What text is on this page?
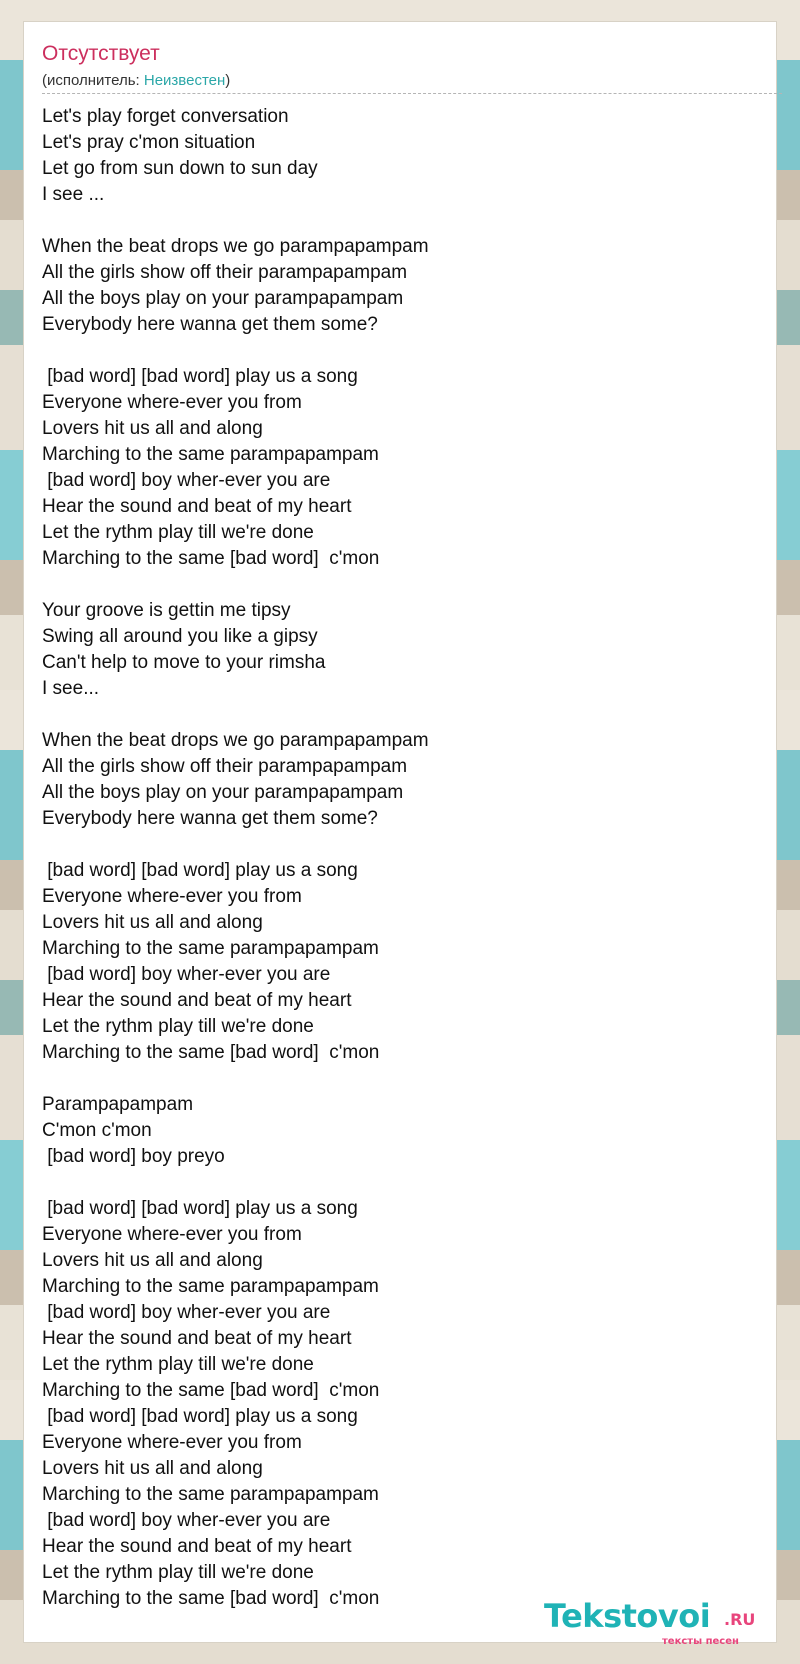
Отсутствует
(исполнитель: Неизвестен)
Let's play forget conversation
Let's pray c'mon situation
Let go from sun down to sun day
I see ...

When the beat drops we go parampapampam
All the girls show off their parampapampam
All the boys play on your parampapampam
Everybody here wanna get them some?

[bad word] [bad word] play us a song
Everyone where-ever you from
Lovers hit us all and along
Marching to the same parampapampam
[bad word] boy wher-ever you are
Hear the sound and beat of my heart
Let the rythm play till we're done
Marching to the same [bad word]  c'mon

Your groove is gettin me tipsy
Swing all around you like a gipsy
Can't help to move to your rimsha
I see...

When the beat drops we go parampapampam
All the girls show off their parampapampam
All the boys play on your parampapampam
Everybody here wanna get them some?

[bad word] [bad word] play us a song
Everyone where-ever you from
Lovers hit us all and along
Marching to the same parampapampam
[bad word] boy wher-ever you are
Hear the sound and beat of my heart
Let the rythm play till we're done
Marching to the same [bad word]  c'mon

Parampapampam
C'mon c'mon
[bad word] boy preyo

[bad word] [bad word] play us a song
Everyone where-ever you from
Lovers hit us all and along
Marching to the same parampapampam
[bad word] boy wher-ever you are
Hear the sound and beat of my heart
Let the rythm play till we're done
Marching to the same [bad word]  c'mon
[bad word] [bad word] play us a song
Everyone where-ever you from
Lovers hit us all and along
Marching to the same parampapampam
[bad word] boy wher-ever you are
Hear the sound and beat of my heart
Let the rythm play till we're done
Marching to the same [bad word]  c'mon	Tekstovoi .RU
тексты песен
